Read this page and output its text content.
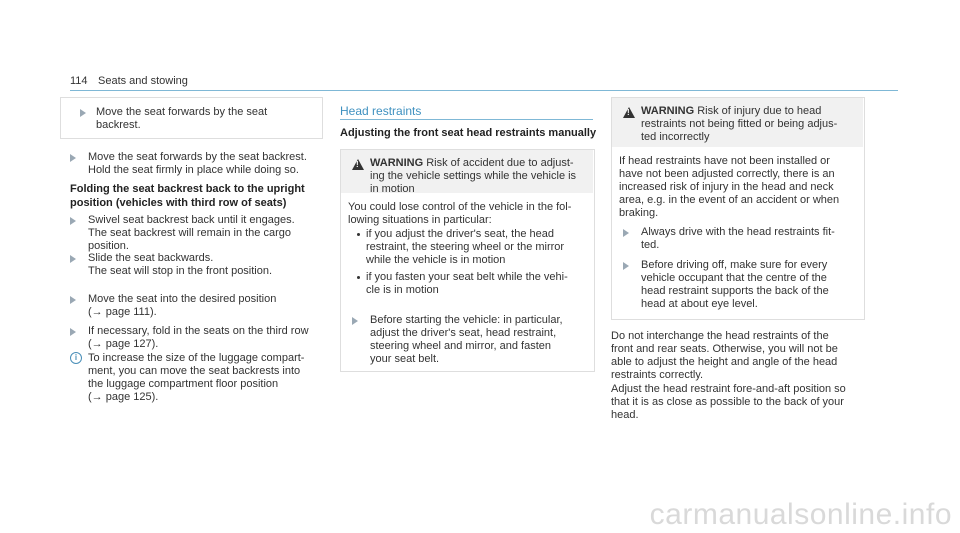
114 Seats and stowing
Move the seat forwards by the seat
backrest.
Move the seat forwards by the seat backrest.
Hold the seat firmly in place while doing so.
Folding the seat backrest back to the upright
position (vehicles with third row of seats)
Swivel seat backrest back until it engages.
The seat backrest will remain in the cargo
position.
Slide the seat backwards.
The seat will stop in the front position.
Move the seat into the desired position
(→ page 111).
If necessary, fold in the seats on the third row
(→ page 127).
i To increase the size of the luggage compart-
ment, you can move the seat backrests into
the luggage compartment floor position
(→ page 125).
Head restraints
Adjusting the front seat head restraints manually
!
WARNING Risk of accident due to adjust-
ing the vehicle settings while the vehicle is
in motion
You could lose control of the vehicle in the fol-
lowing situations in particular:
if you adjust the driver's seat, the head
restraint, the steering wheel or the mirror
while the vehicle is in motion
if you fasten your seat belt while the vehi-
cle is in motion
Before starting the vehicle: in particular,
adjust the driver's seat, head restraint,
steering wheel and mirror, and fasten
your seat belt.
!
WARNING Risk of injury due to head
restraints not being fitted or being adjus-
ted incorrectly
If head restraints have not been installed or
have not been adjusted correctly, there is an
increased risk of injury in the head and neck
area, e.g. in the event of an accident or when
braking.
Always drive with the head restraints fit-
ted.
Before driving off, make sure for every
vehicle occupant that the centre of the
head restraint supports the back of the
head at about eye level.
Do not interchange the head restraints of the
front and rear seats. Otherwise, you will not be
able to adjust the height and angle of the head
restraints correctly.
Adjust the head restraint fore-and-aft position so
that it is as close as possible to the back of your
head.
carmanualsonline.info
